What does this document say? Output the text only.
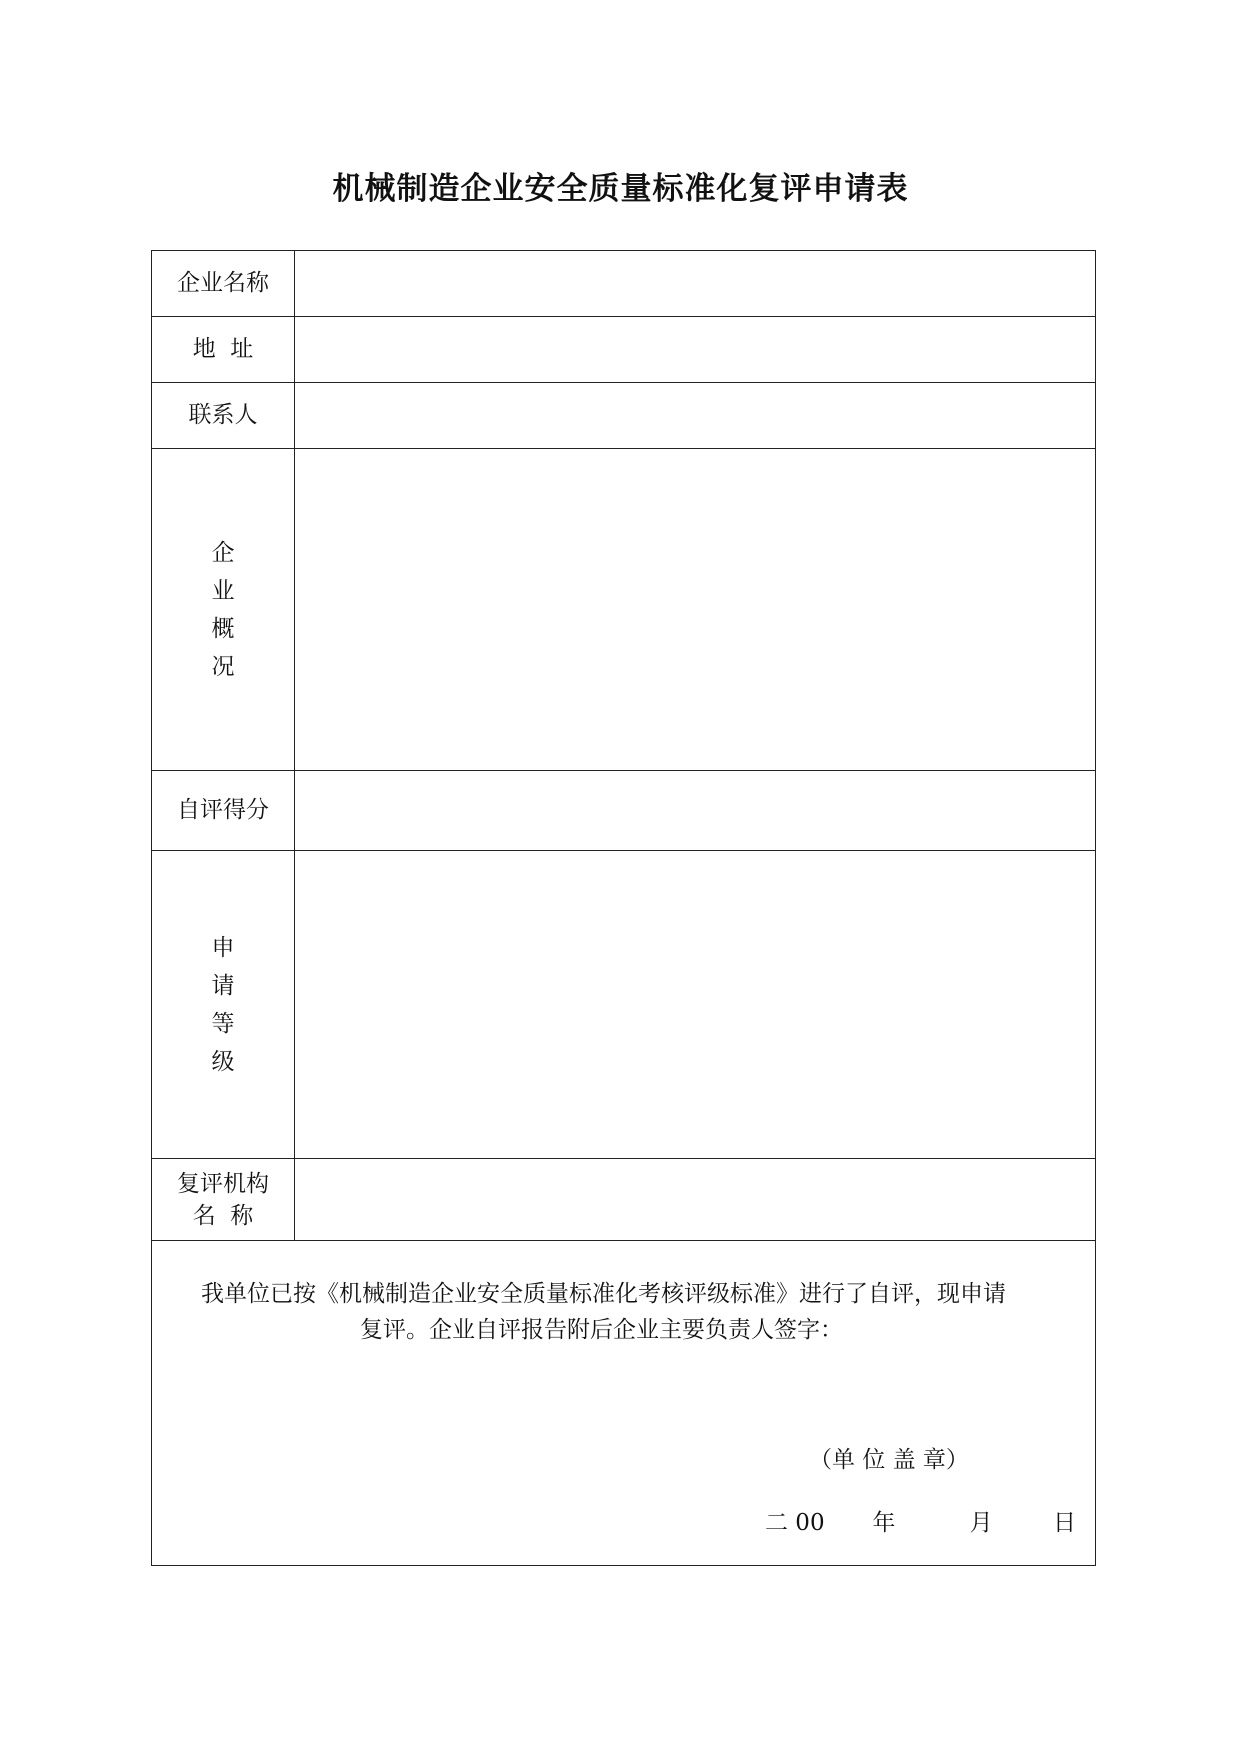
机械制造企业安全质量标准化复评申请表
企业名称	
地  址	
联系人	

企
业
概
况	

自评得分	

申
请
等
级	

复评机构
名  称	

我单位已按《机械制造企业安全质量标准化考核评级标准》进行了自评，现申请
复评。企业自评报告附后企业主要负责人签字：
（单 位 盖 章）
二 00 年 月 日	
